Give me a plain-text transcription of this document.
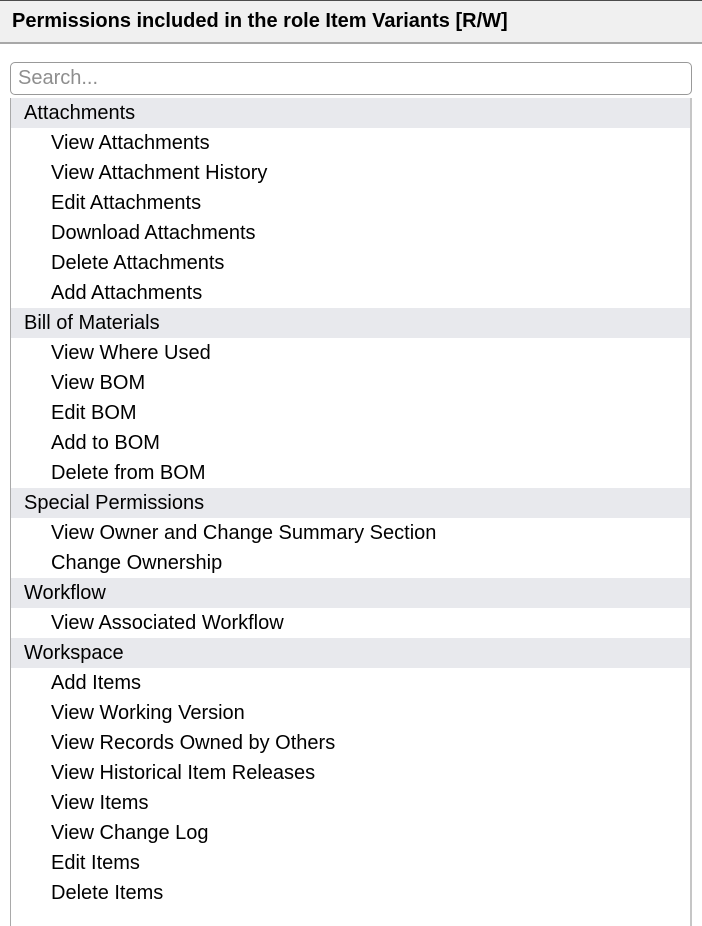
Permissions included in the role Item Variants [R/W]
Search...
Attachments
View Attachments
View Attachment History
Edit Attachments
Download Attachments
Delete Attachments
Add Attachments
Bill of Materials
View Where Used
View BOM
Edit BOM
Add to BOM
Delete from BOM
Special Permissions
View Owner and Change Summary Section
Change Ownership
Workflow
View Associated Workflow
Workspace
Add Items
View Working Version
View Records Owned by Others
View Historical Item Releases
View Items
View Change Log
Edit Items
Delete Items
